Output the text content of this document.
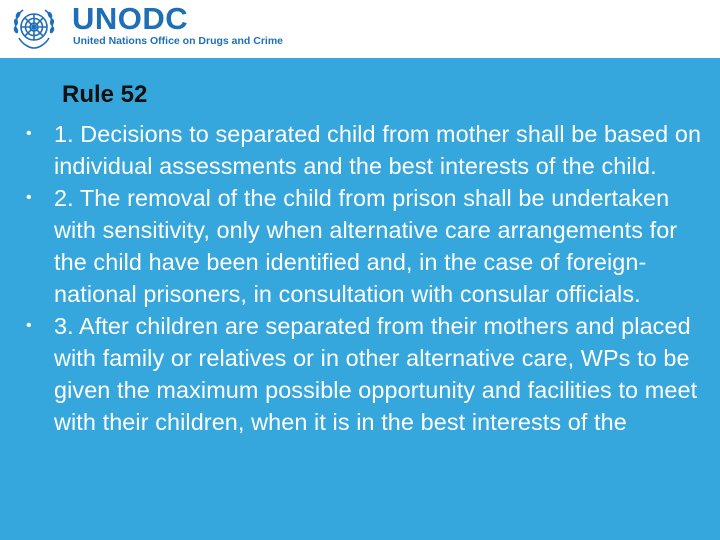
UNODC
United Nations Office on Drugs and Crime
Rule 52
• 1. Decisions to separated child from mother shall be based on individual assessments and the best interests of the child.
• 2. The removal of the child from prison shall be undertaken with sensitivity, only when alternative care arrangements for the child have been identified and, in the case of foreign-national prisoners, in consultation with consular officials.
• 3. After children are separated from their mothers and placed with family or relatives or in other alternative care, WPs to be given the maximum possible opportunity and facilities to meet with their children, when it is in the best interests of the
